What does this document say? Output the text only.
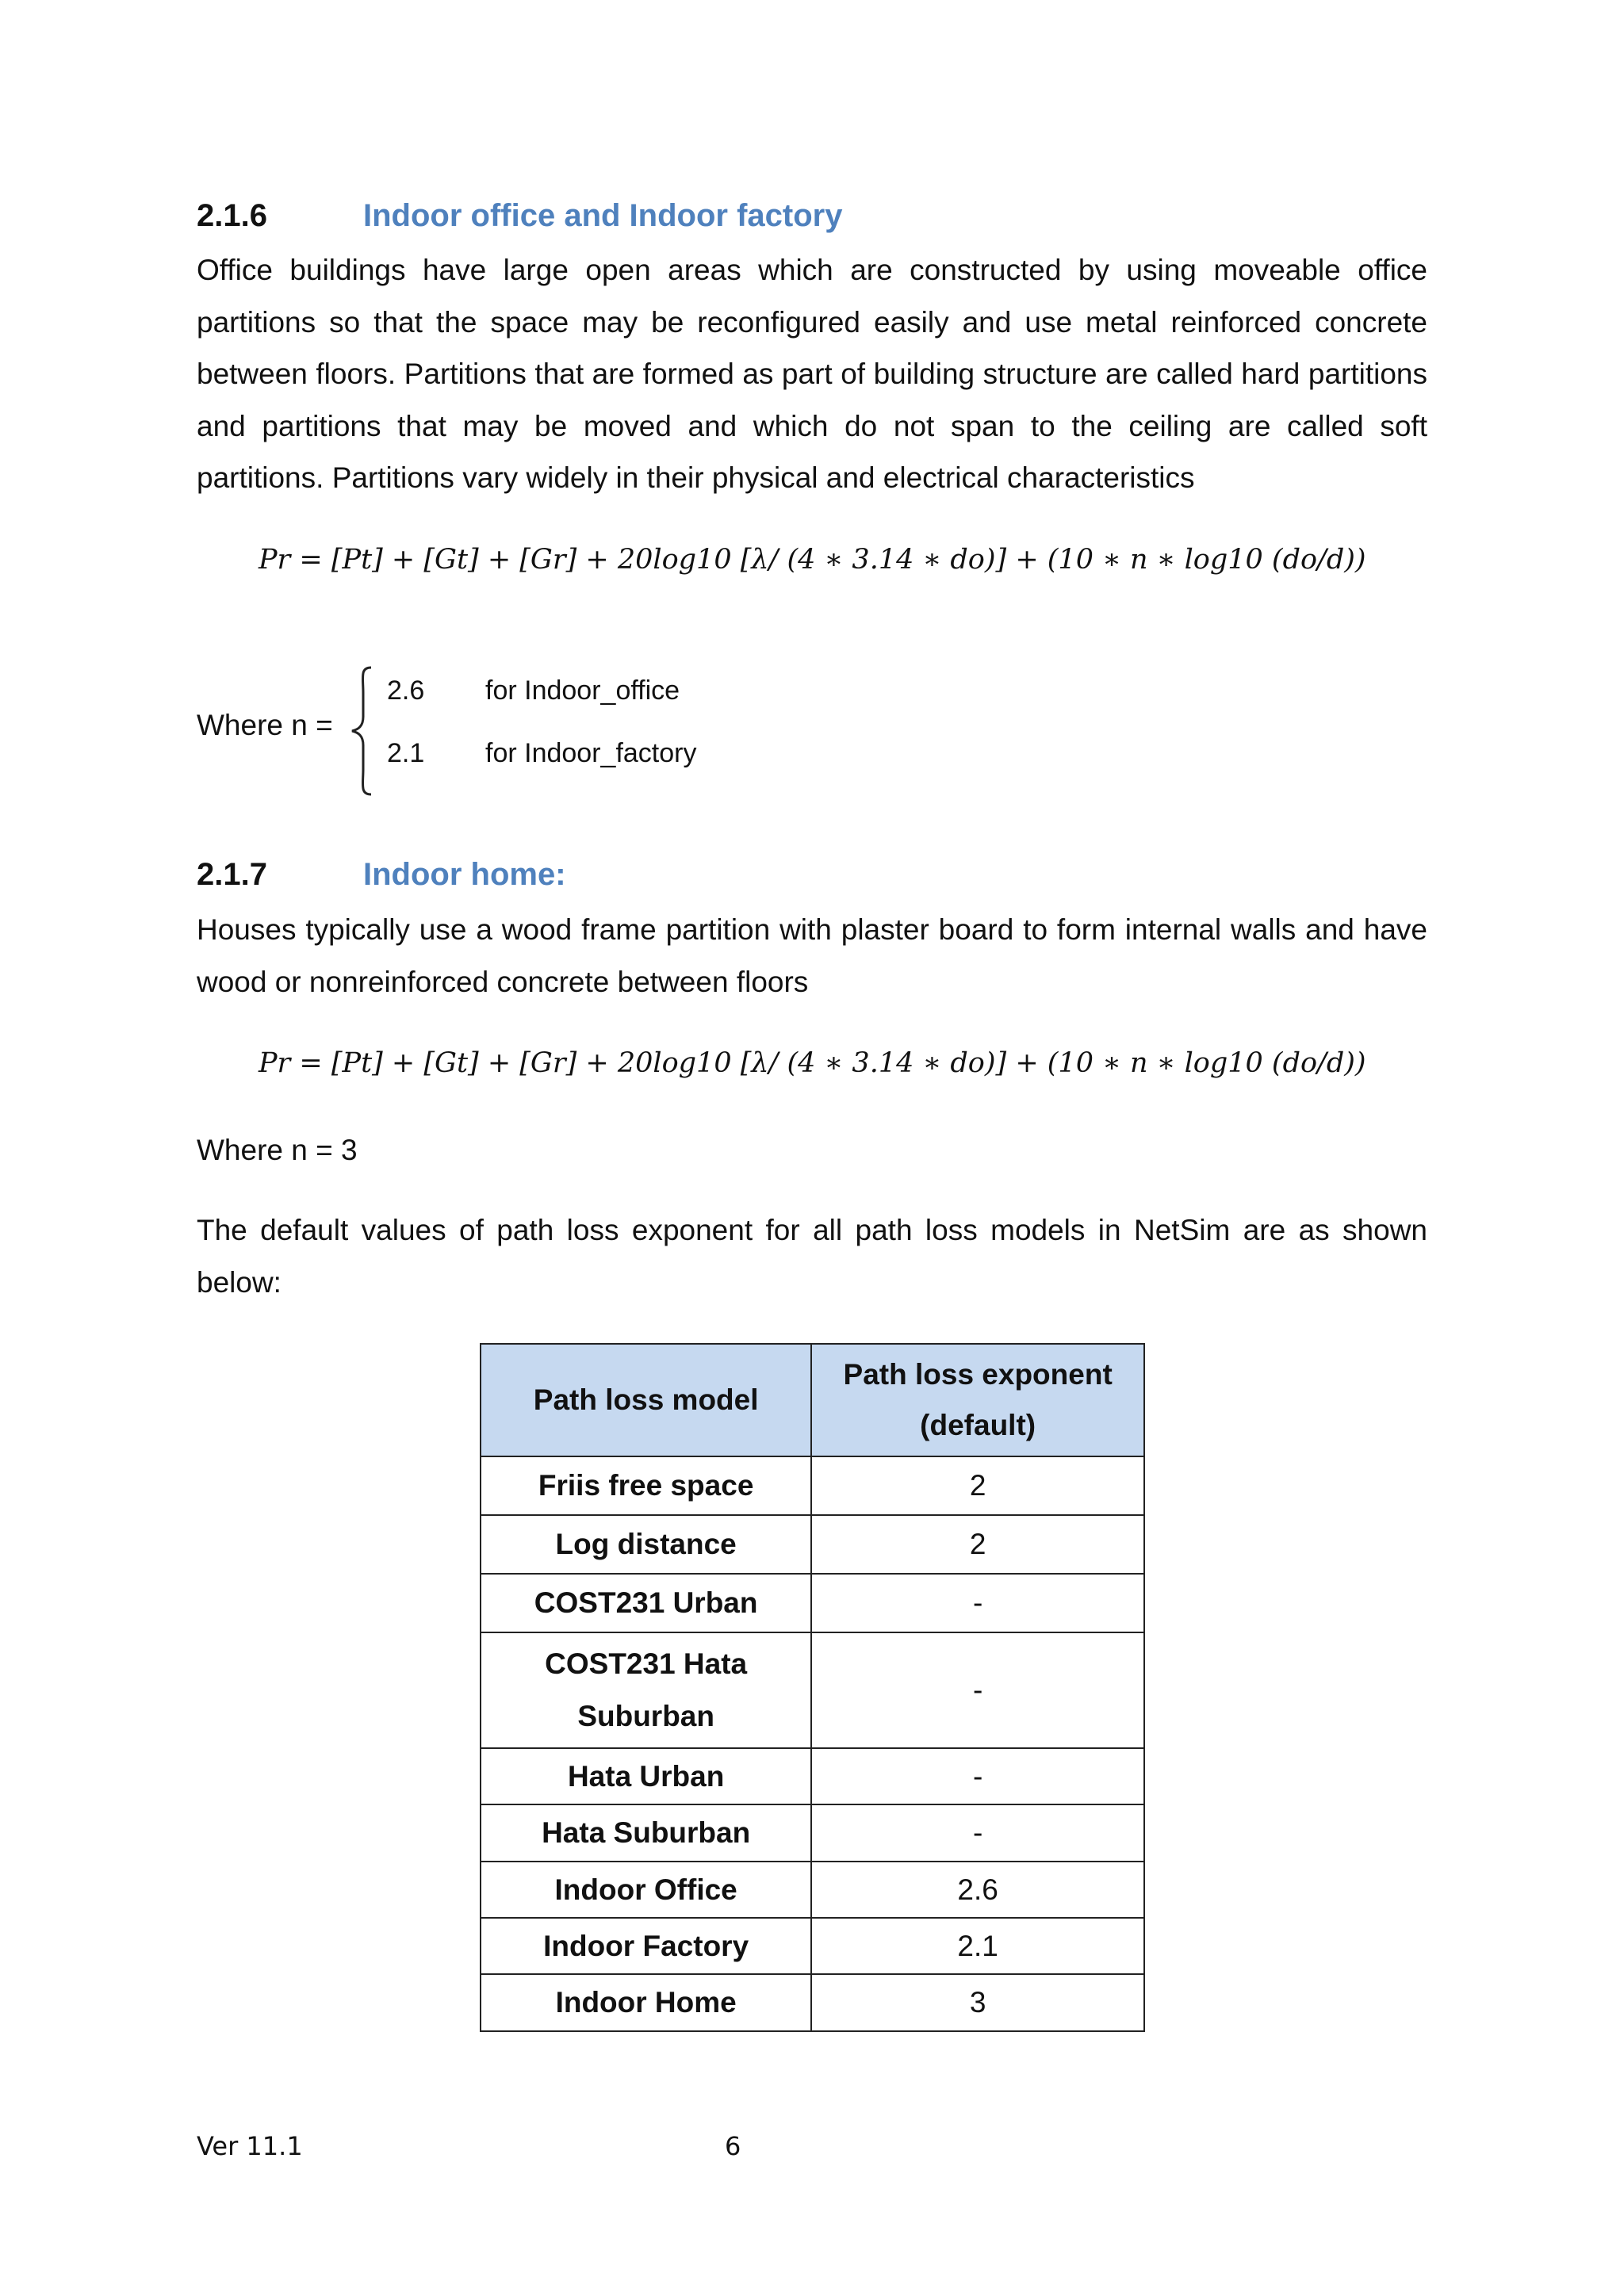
2.1.6	Indoor office and Indoor factory

Office buildings have large open areas which are constructed by using moveable office partitions so that the space may be reconfigured easily and use metal reinforced concrete between floors. Partitions that are formed as part of building structure are called hard partitions and partitions that may be moved and which do not span to the ceiling are called soft partitions. Partitions vary widely in their physical and electrical characteristics

Pr = [Pt] + [Gt] + [Gr] + 20log10 [λ/ (4 ∗ 3.14 ∗ do)] + (10 ∗ n ∗ log10 (do/d))
Where n =
2.6 for Indoor_office
2.1 for Indoor_factory
2.1.7	Indoor home:

Houses typically use a wood frame partition with plaster board to form internal walls and have wood or nonreinforced concrete between floors

Pr = [Pt] + [Gt] + [Gr] + 20log10 [λ/ (4 ∗ 3.14 ∗ do)] + (10 ∗ n ∗ log10 (do/d))
Where n = 3

The default values of path loss exponent for all path loss models in NetSim are as shown below:

Path loss model	Path loss exponent (default)
Friis free space	2
Log distance	2
COST231 Urban	-
COST231 Hata Suburban	-
Hata Urban	-
Hata Suburban	-
Indoor Office	2.6
Indoor Factory	2.1
Indoor Home	3
Ver 11.1	6
